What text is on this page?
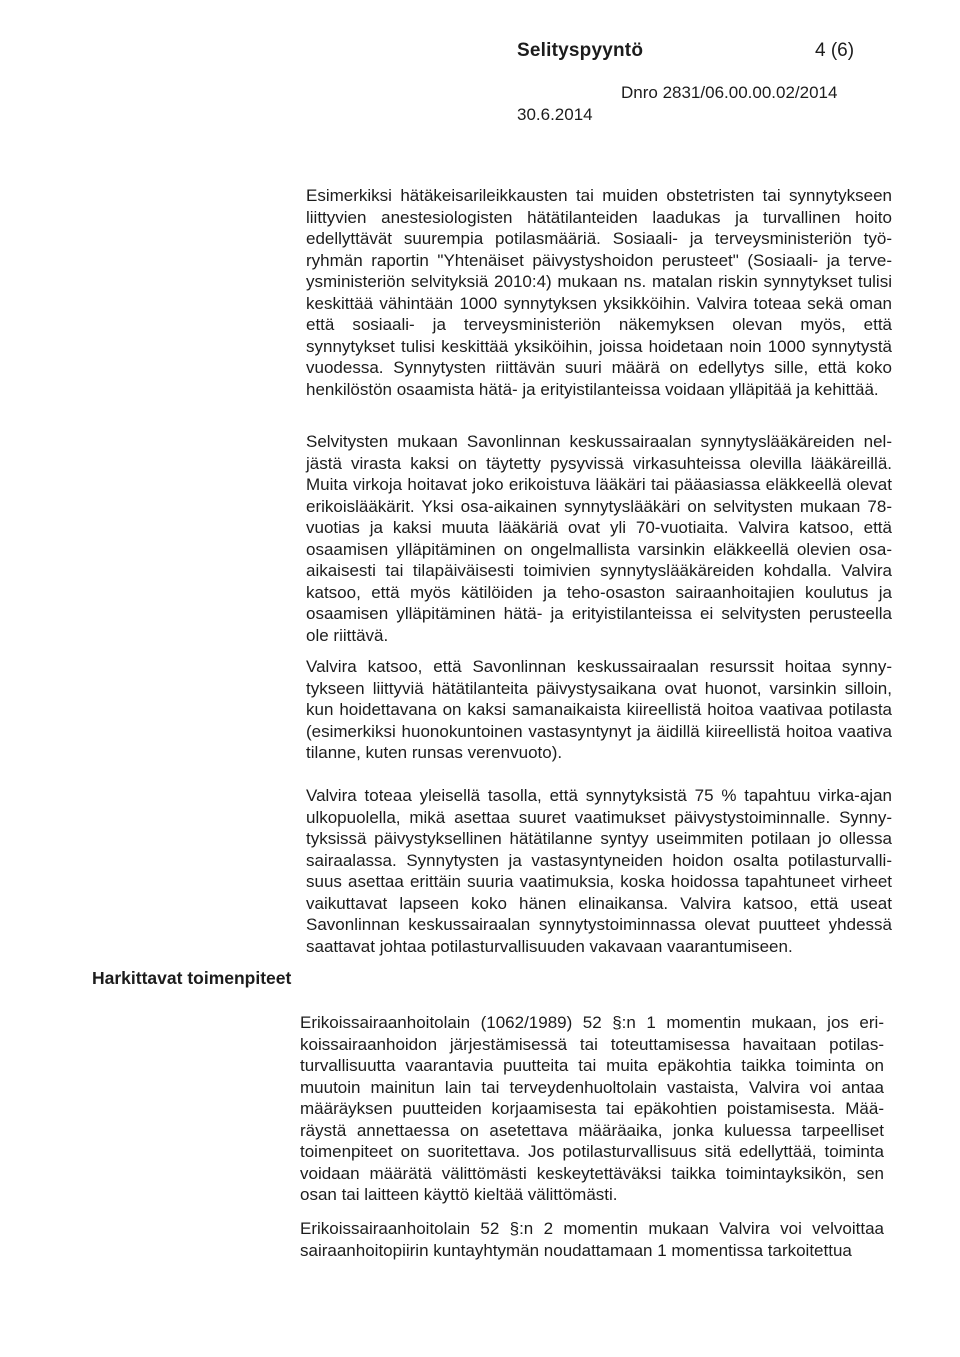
Selityspyyntö	4 (6)
Dnro 2831/06.00.00.02/2014
30.6.2014
Harkittavat toimenpiteet

Esimerkiksi hätäkeisarileikkausten tai muiden obstetristen tai synnytykseen liittyvien anestesiologisten hätätilanteiden laadukas ja turvallinen hoito edellyttävät suurempia potilasmääriä. Sosiaali- ja terveysministeriön työryhmän raportin "Yhtenäiset päivystyshoidon perusteet" (Sosiaali- ja terveysministeriön selvityksiä 2010:4) mukaan ns. matalan riskin synnytykset tulisi keskittää vähintään 1000 synnytyksen yksikköihin. Valvira toteaa sekä oman että sosiaali- ja terveysministeriön näkemyksen olevan myös, että synnytykset tulisi keskittää yksiköihin, joissa hoidetaan noin 1000 synnytystä vuodessa. Synnytysten riittävän suuri määrä on edellytys sille, että koko henkilöstön osaamista hätä- ja erityistilanteissa voidaan ylläpitää ja kehittää.

Selvitysten mukaan Savonlinnan keskussairaalan synnytyslääkäreiden neljästä virasta kaksi on täytetty pysyvissä virkasuhteissa olevilla lääkäreillä. Muita virkoja hoitavat joko erikoistuva lääkäri tai pääasiassa eläkkeellä olevat erikoislääkärit. Yksi osa-aikainen synnytyslääkäri on selvitysten mukaan 78-vuotias ja kaksi muuta lääkäriä ovat yli 70-vuotiaita. Valvira katsoo, että osaamisen ylläpitäminen on ongelmallista varsinkin eläkkeellä olevien osa-aikaisesti tai tilapäiväisesti toimivien synnytyslääkäreiden kohdalla. Valvira katsoo, että myös kätilöiden ja teho-osaston sairaanhoitajien koulutus ja osaamisen ylläpitäminen hätä- ja erityistilanteissa ei selvitysten perusteella ole riittävä.

Valvira katsoo, että Savonlinnan keskussairaalan resurssit hoitaa synnytykseen liittyviä hätätilanteita päivystysaikana ovat huonot, varsinkin silloin, kun hoidettavana on kaksi samanaikaista kiireellistä hoitoa vaativaa potilasta (esimerkiksi huonokuntoinen vastasyntynyt ja äidillä kiireellistä hoitoa vaativa tilanne, kuten runsas verenvuoto).

Valvira toteaa yleisellä tasolla, että synnytyksistä 75 % tapahtuu virka-ajan ulkopuolella, mikä asettaa suuret vaatimukset päivystystoiminnalle. Synnytyksissä päivystyksellinen hätätilanne syntyy useimmiten potilaan jo ollessa sairaalassa. Synnytysten ja vastasyntyneiden hoidon osalta potilasturvallisuus asettaa erittäin suuria vaatimuksia, koska hoidossa tapahtuneet virheet vaikuttavat lapseen koko hänen elinaikansa. Valvira katsoo, että useat Savonlinnan keskussairaalan synnytystoiminnassa olevat puutteet yhdessä saattavat johtaa potilasturvallisuuden vakavaan vaarantumiseen.

Erikoissairaanhoitolain (1062/1989) 52 §:n 1 momentin mukaan, jos erikoissairaanhoidon järjestämisessä tai toteuttamisessa havaitaan potilasturvallisuutta vaarantavia puutteita tai muita epäkohtia taikka toiminta on muutoin mainitun lain tai terveydenhuoltolain vastaista, Valvira voi antaa määräyksen puutteiden korjaamisesta tai epäkohtien poistamisesta. Määräystä annettaessa on asetettava määräaika, jonka kuluessa tarpeelliset toimenpiteet on suoritettava. Jos potilasturvallisuus sitä edellyttää, toiminta voidaan määrätä välittömästi keskeytettäväksi taikka toimintayksikön, sen osan tai laitteen käyttö kieltää välittömästi.

Erikoissairaanhoitolain 52 §:n 2 momentin mukaan Valvira voi velvoittaa sairaanhoitopiirin kuntayhtymän noudattamaan 1 momentissa tarkoitettua
